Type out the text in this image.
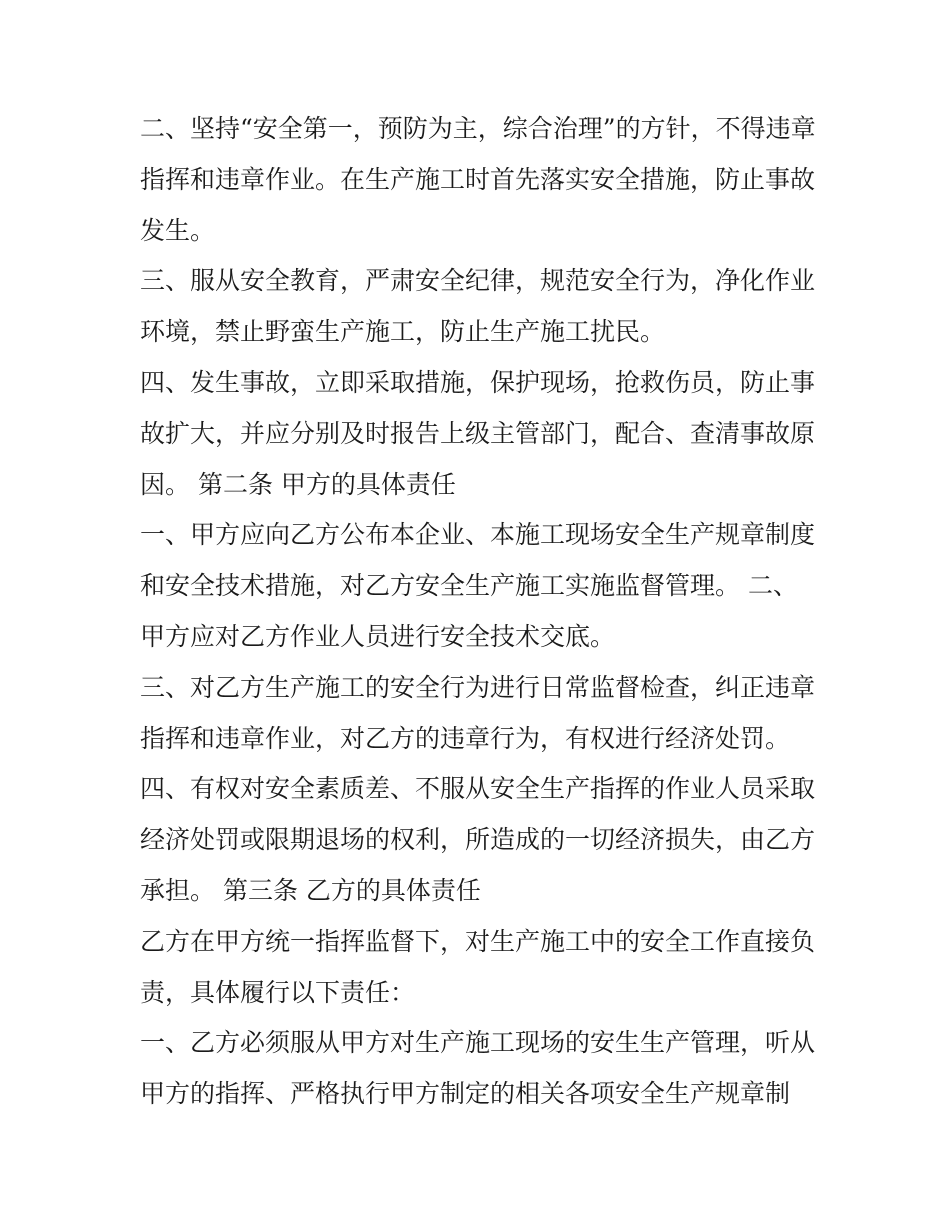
二、坚持“安全第一，预防为主，综合治理”的方针，不得违章
指挥和违章作业。在生产施工时首先落实安全措施，防止事故
发生。
三、服从安全教育，严肃安全纪律，规范安全行为，净化作业
环境，禁止野蛮生产施工，防止生产施工扰民。
四、发生事故，立即采取措施，保护现场，抢救伤员，防止事
故扩大，并应分别及时报告上级主管部门，配合、查清事故原
因。 第二条 甲方的具体责任
一、甲方应向乙方公布本企业、本施工现场安全生产规章制度
和安全技术措施，对乙方安全生产施工实施监督管理。 二、
甲方应对乙方作业人员进行安全技术交底。
三、对乙方生产施工的安全行为进行日常监督检查，纠正违章
指挥和违章作业，对乙方的违章行为，有权进行经济处罚。
四、有权对安全素质差、不服从安全生产指挥的作业人员采取
经济处罚或限期退场的权利，所造成的一切经济损失，由乙方
承担。 第三条 乙方的具体责任
乙方在甲方统一指挥监督下，对生产施工中的安全工作直接负
责，具体履行以下责任：
一、乙方必须服从甲方对生产施工现场的安生生产管理，听从
甲方的指挥、严格执行甲方制定的相关各项安全生产规章制
